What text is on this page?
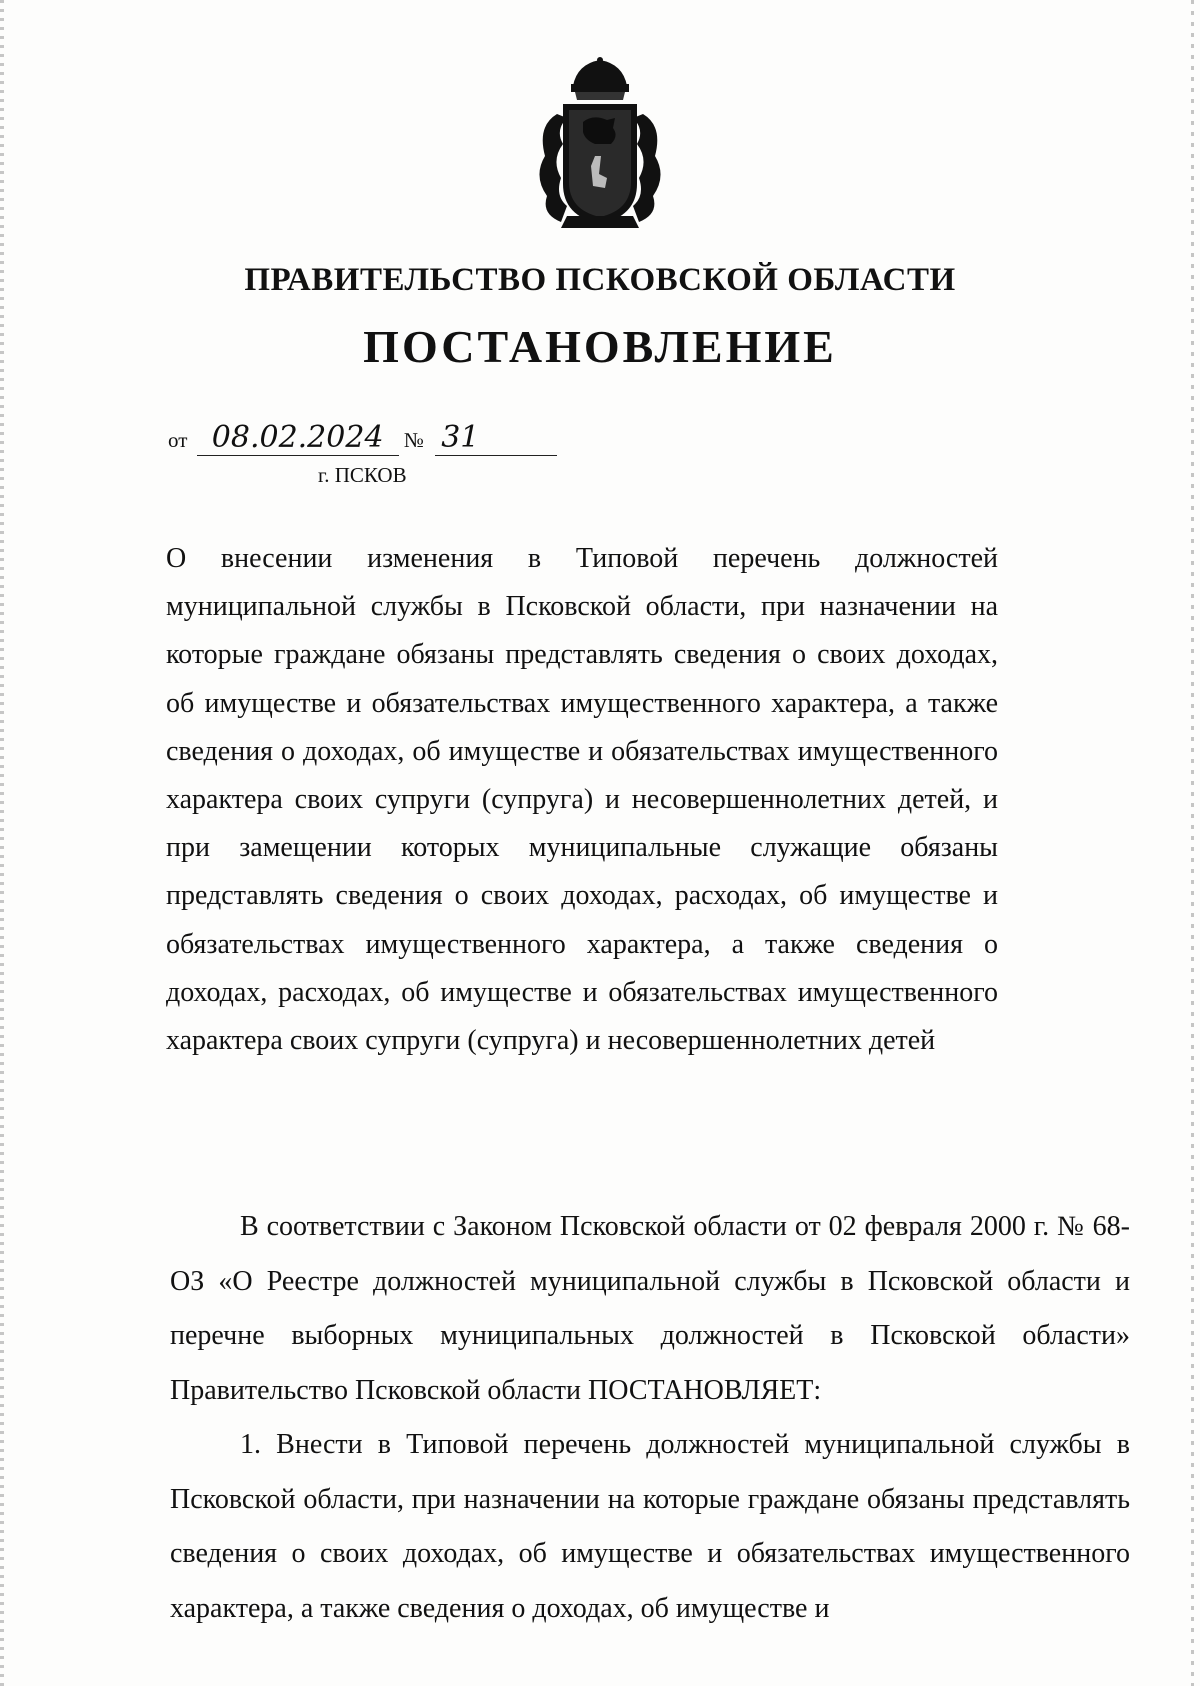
ПРАВИТЕЛЬСТВО ПСКОВСКОЙ ОБЛАСТИ

ПОСТАНОВЛЕНИЕ

от 08.02.2024 № 31
г. ПСКОВ

О внесении изменения в Типовой перечень должностей муниципальной службы в Псковской области, при назначении на которые граждане обязаны представлять сведения о своих доходах, об имуществе и обязательствах имущественного характера, а также сведения о доходах, об имуществе и обязательствах имущественного характера своих супруги (супруга) и несовершеннолетних детей, и при замещении которых муниципальные служащие обязаны представлять сведения о своих доходах, расходах, об имуществе и обязательствах имущественного характера, а также сведения о доходах, расходах, об имуществе и обязательствах имущественного характера своих супруги (супруга) и несовершеннолетних детей

В соответствии с Законом Псковской области от 02 февраля 2000 г. № 68-ОЗ «О Реестре должностей муниципальной службы в Псковской области и перечне выборных муниципальных должностей в Псковской области» Правительство Псковской области ПОСТАНОВЛЯЕТ:
1. Внести в Типовой перечень должностей муниципальной службы в Псковской области, при назначении на которые граждане обязаны представлять сведения о своих доходах, об имуществе и обязательствах имущественного характера, а также сведения о доходах, об имуществе и
